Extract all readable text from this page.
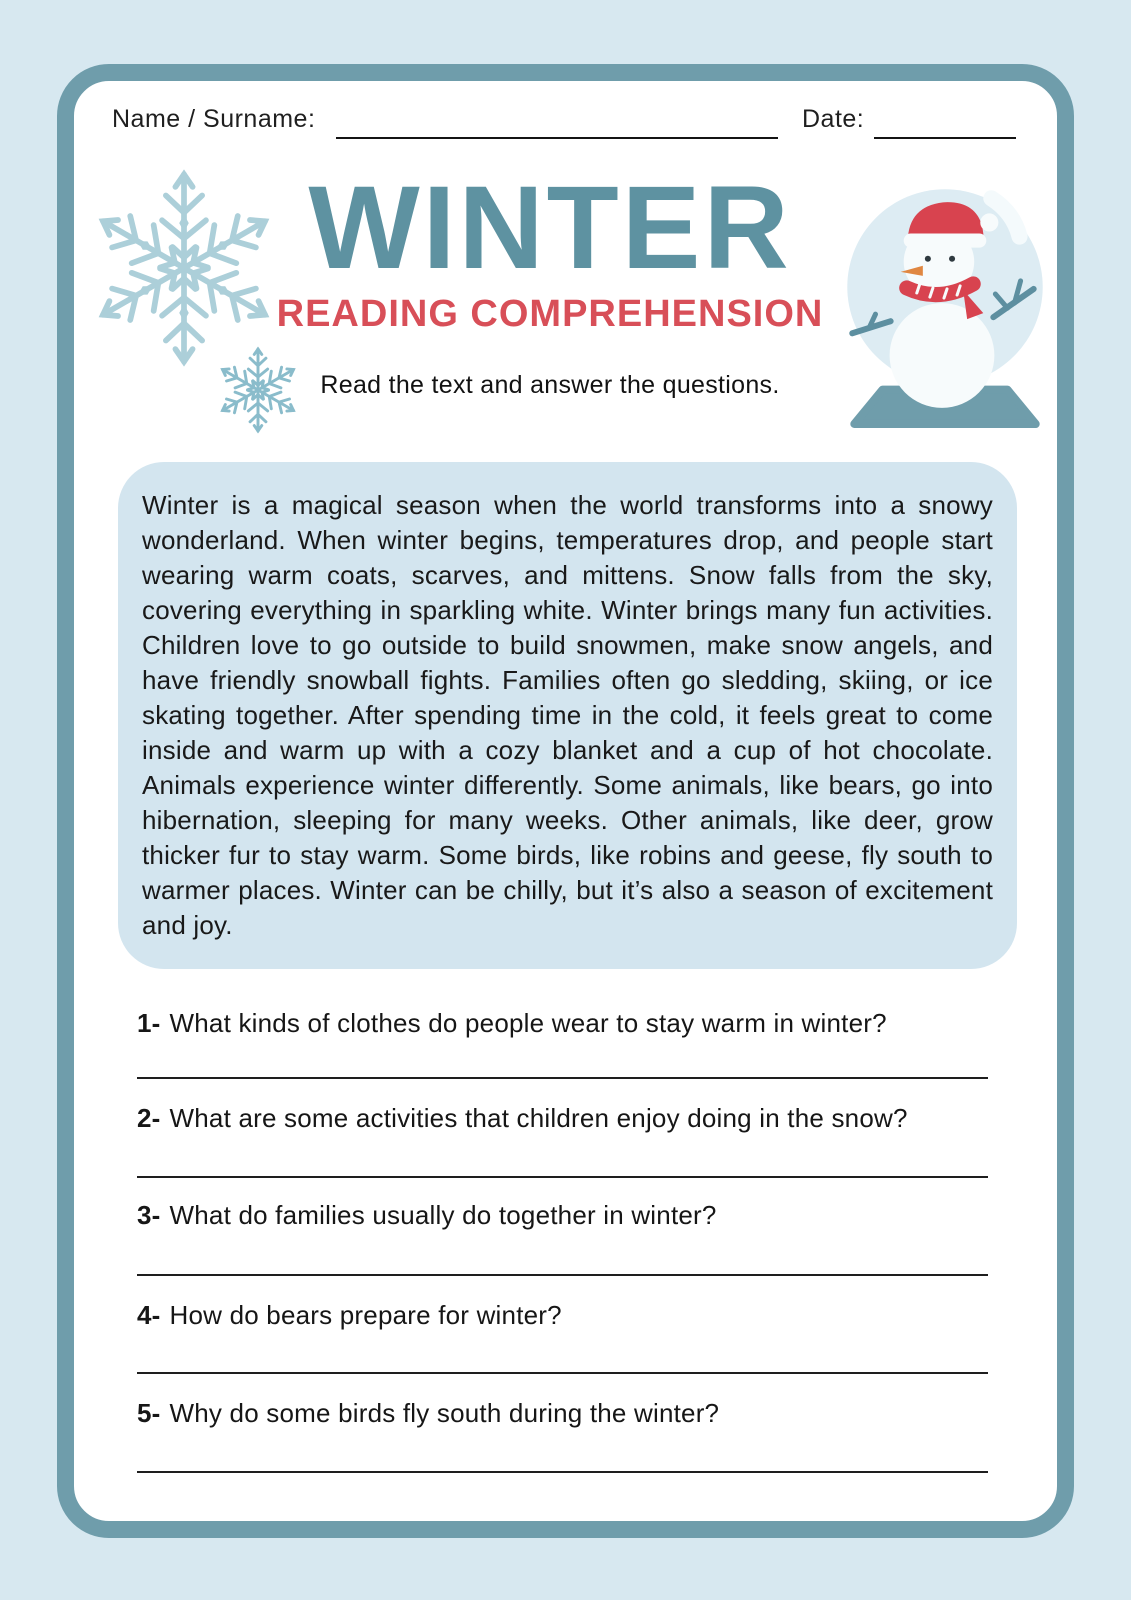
Name / Surname:	Date:
WINTER
READING COMPREHENSION
Read the text and answer the questions.
Winter is a magical season when the world transforms into a snowy wonderland. When winter begins, temperatures drop, and people start wearing warm coats, scarves, and mittens. Snow falls from the sky, covering everything in sparkling white. Winter brings many fun activities. Children love to go outside to build snowmen, make snow angels, and have friendly snowball fights. Families often go sledding, skiing, or ice skating together. After spending time in the cold, it feels great to come inside and warm up with a cozy blanket and a cup of hot chocolate. Animals experience winter differently. Some animals, like bears, go into hibernation, sleeping for many weeks. Other animals, like deer, grow thicker fur to stay warm. Some birds, like robins and geese, fly south to warmer places. Winter can be chilly, but it’s also a season of excitement and joy.
1- What kinds of clothes do people wear to stay warm in winter?
2- What are some activities that children enjoy doing in the snow?
3- What do families usually do together in winter?
4- How do bears prepare for winter?
5- Why do some birds fly south during the winter?
